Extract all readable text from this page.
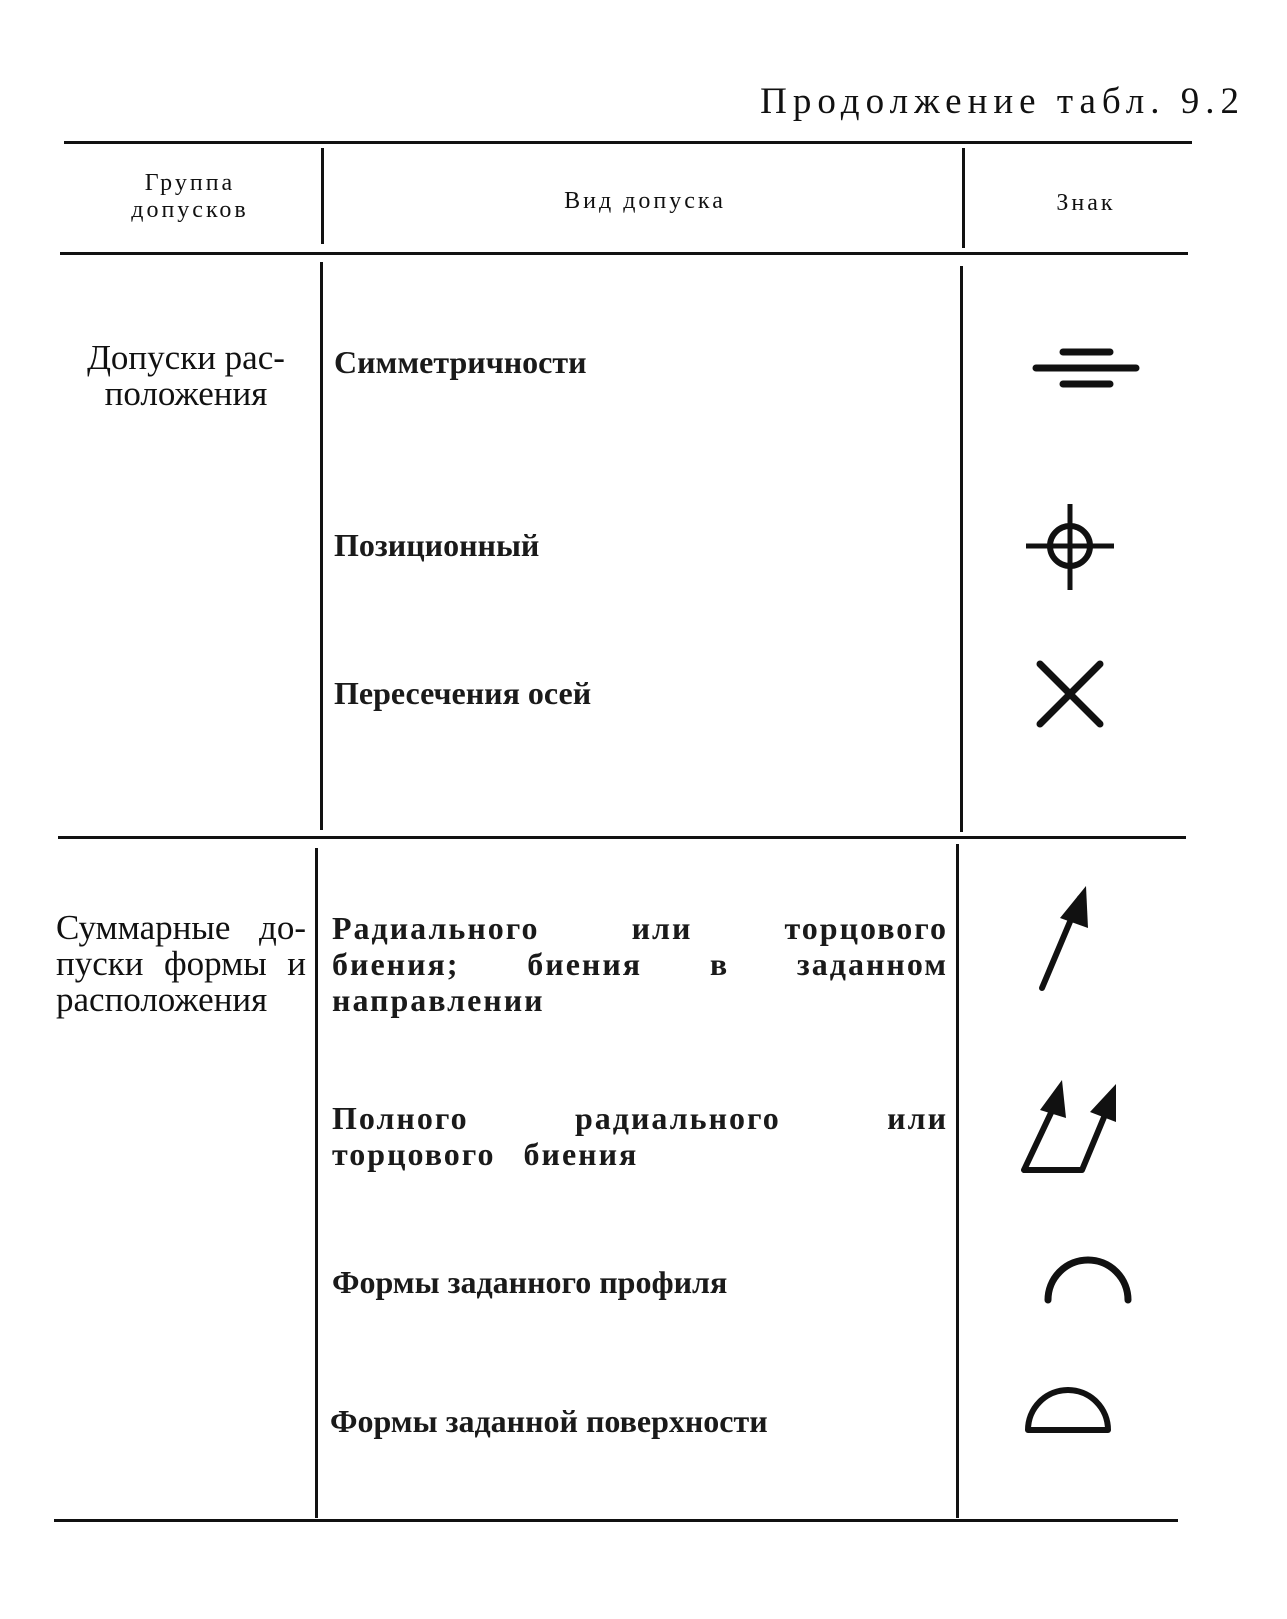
Продолжение табл. 9.2
Группа допусков	Вид допуска	Знак
Допуски рас-положения
Симметричности
Позиционный
Пересечения осей
Суммарные до-пуски формы и расположения
Радиального или торцового биения; биения в заданном направлении
Полного радиального или торцового биения
Формы заданного профиля
Формы заданной поверхности
